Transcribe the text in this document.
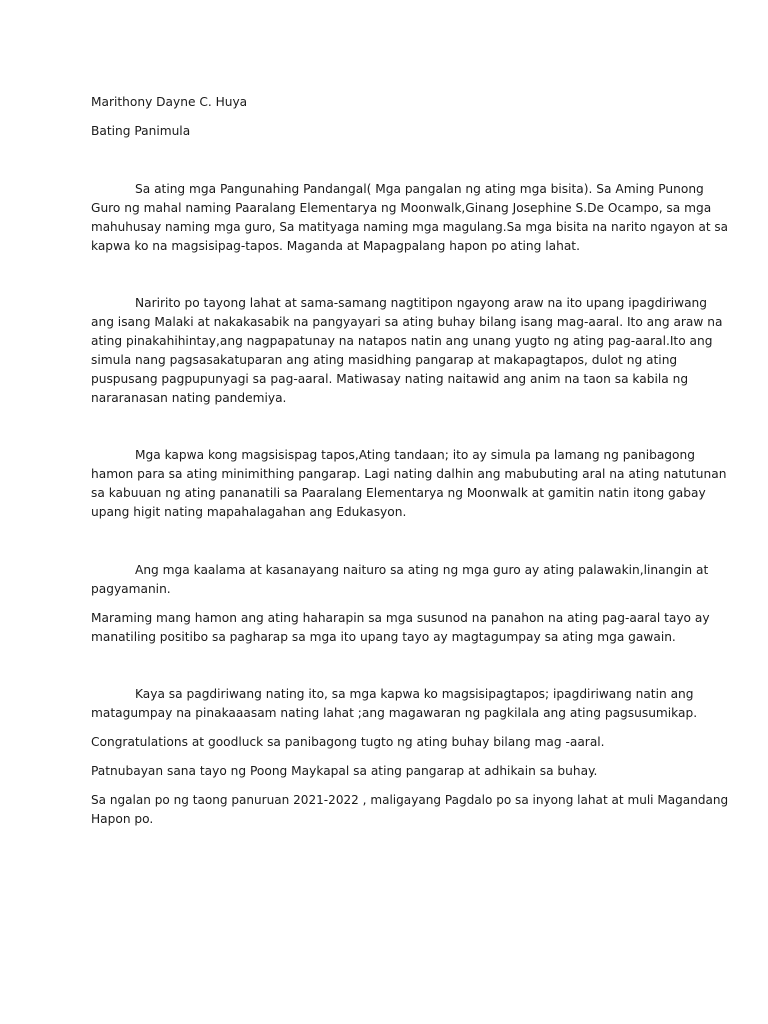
Marithony Dayne C. Huya
Bating Panimula
Sa ating mga Pangunahing Pandangal( Mga pangalan ng ating mga bisita). Sa Aming Punong
Guro ng mahal naming Paaralang Elementarya ng Moonwalk,Ginang Josephine S.De Ocampo, sa mga
mahuhusay naming mga guro, Sa matityaga naming mga magulang.Sa mga bisita na narito ngayon at sa
kapwa ko na magsisipag-tapos. Maganda at Mapagpalang hapon po ating lahat.
Naririto po tayong lahat at sama-samang nagtitipon ngayong araw na ito upang ipagdiriwang
ang isang Malaki at nakakasabik na pangyayari sa ating buhay bilang isang mag-aaral. Ito ang araw na
ating pinakahihintay,ang nagpapatunay na natapos natin ang unang yugto ng ating pag-aaral.Ito ang
simula nang pagsasakatuparan ang ating masidhing pangarap at makapagtapos, dulot ng ating
puspusang pagpupunyagi sa pag-aaral. Matiwasay nating naitawid ang anim na taon sa kabila ng
nararanasan nating pandemiya.
Mga kapwa kong magsisispag tapos,Ating tandaan; ito ay simula pa lamang ng panibagong
hamon para sa ating minimithing pangarap. Lagi nating dalhin ang mabubuting aral na ating natutunan
sa kabuuan ng ating pananatili sa Paaralang Elementarya ng Moonwalk at gamitin natin itong gabay
upang higit nating mapahalagahan ang Edukasyon.
Ang mga kaalama at kasanayang naituro sa ating ng mga guro ay ating palawakin,linangin at
pagyamanin.
Maraming mang hamon ang ating haharapin sa mga susunod na panahon na ating pag-aaral tayo ay
manatiling positibo sa pagharap sa mga ito upang tayo ay magtagumpay sa ating mga gawain.
Kaya sa pagdiriwang nating ito, sa mga kapwa ko magsisipagtapos; ipagdiriwang natin ang
matagumpay na pinakaaasam nating lahat ;ang magawaran ng pagkilala ang ating pagsusumikap.
Congratulations at goodluck sa panibagong tugto ng ating buhay bilang mag -aaral.
Patnubayan sana tayo ng Poong Maykapal sa ating pangarap at adhikain sa buhay.
Sa ngalan po ng taong panuruan 2021-2022 , maligayang Pagdalo po sa inyong lahat at muli Magandang
Hapon po.
